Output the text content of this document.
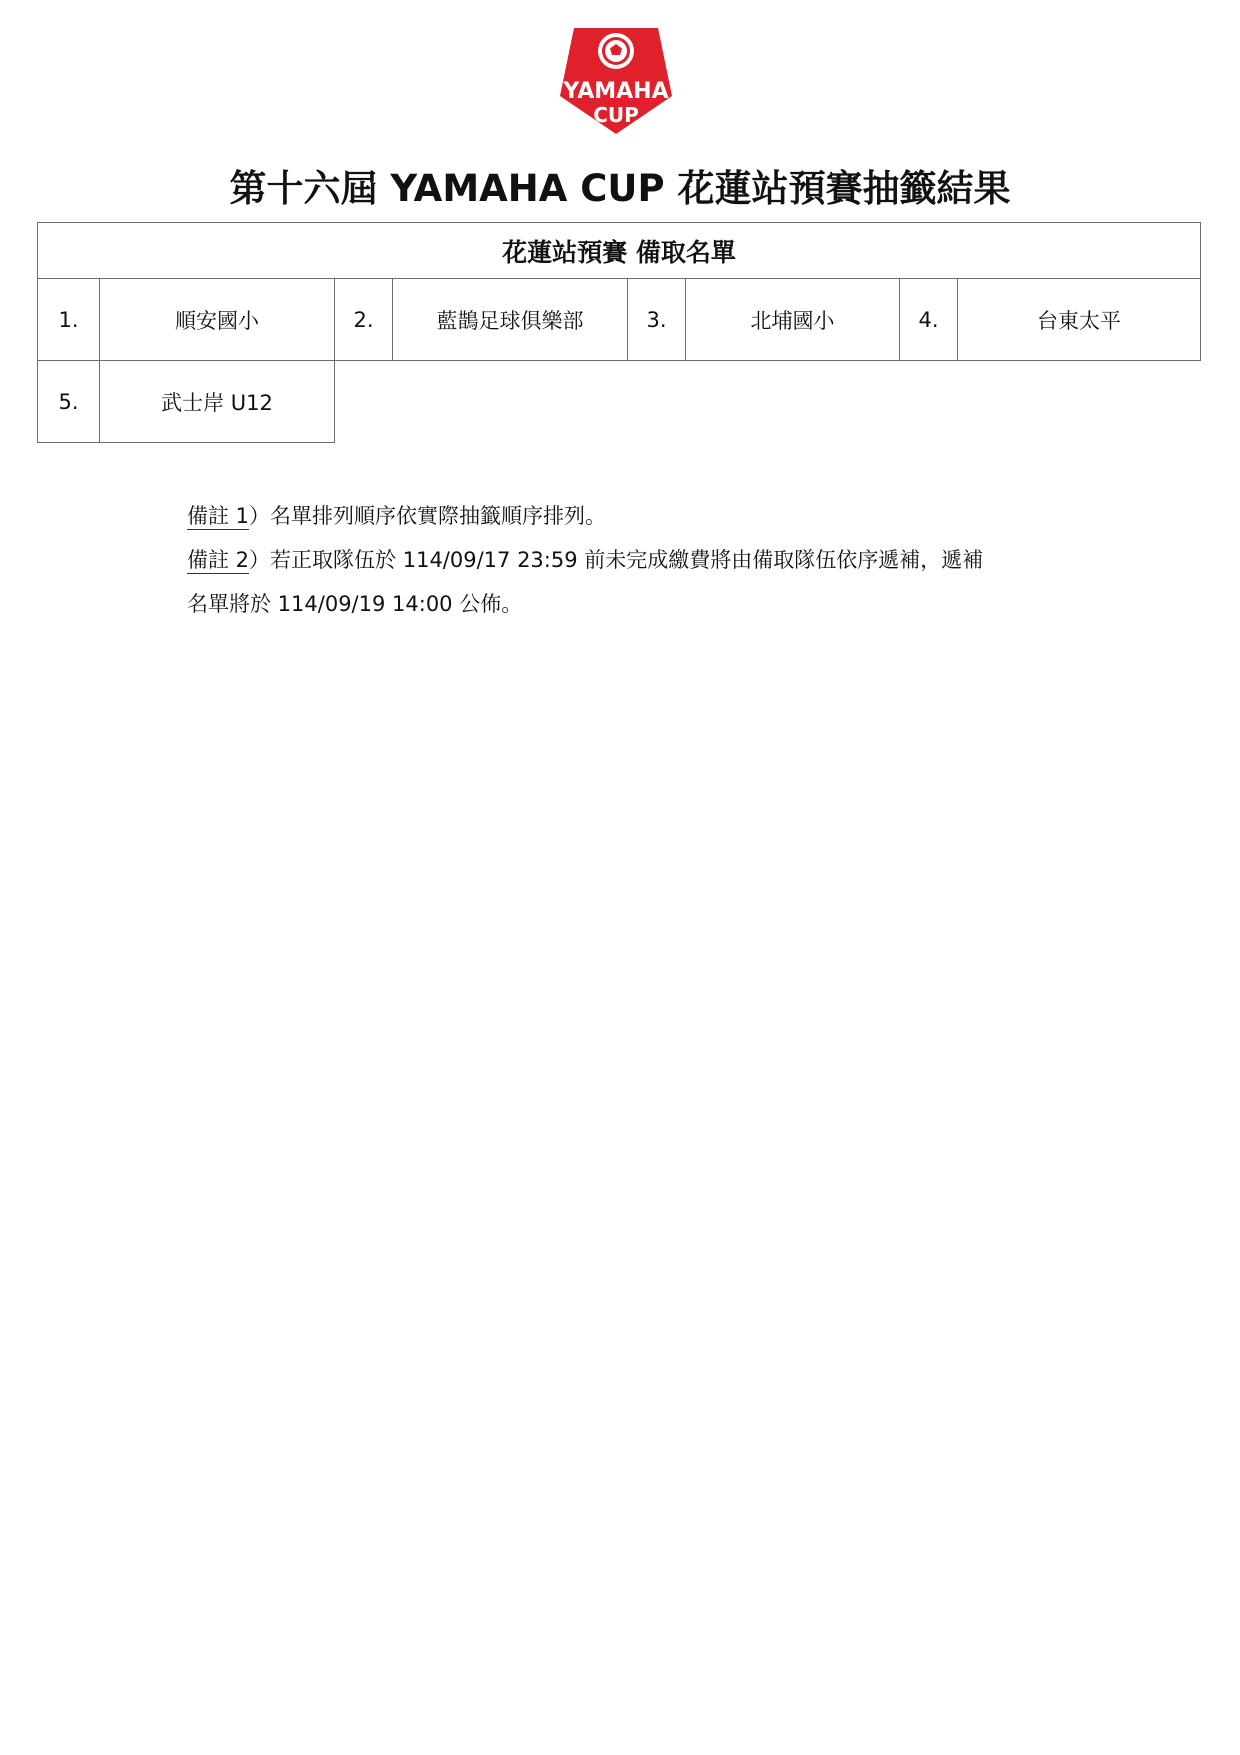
YAMAHA
CUP
第十六屆 YAMAHA CUP 花蓮站預賽抽籤結果
花蓮站預賽 備取名單							
1.	順安國小	2.	藍鵲足球俱樂部	3.	北埔國小	4.	台東太平
5.	武士岸 U12						

備註 1）名單排列順序依實際抽籤順序排列。

備註 2）若正取隊伍於 114/09/17 23:59 前未完成繳費將由備取隊伍依序遞補，遞補

名單將於 114/09/19 14:00 公佈。
